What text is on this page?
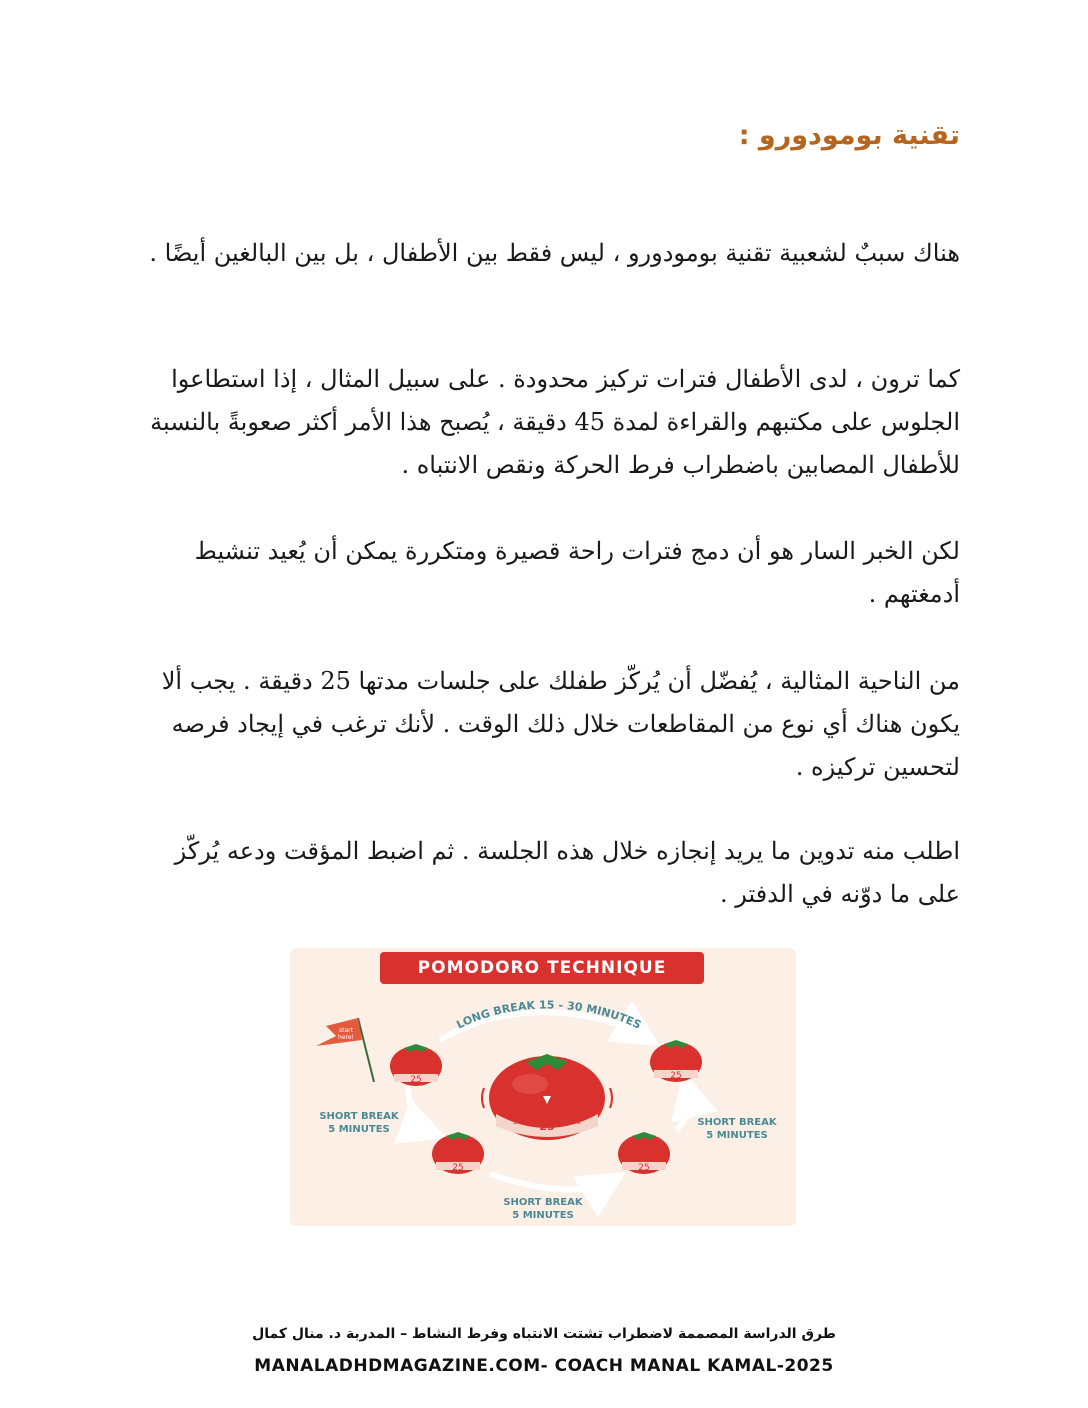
تقنية بومودورو :

هناك سببٌ لشعبية تقنية بومودورو ، ليس فقط بين الأطفال ، بل بين البالغين أيضًا .

كما ترون ، لدى الأطفال فترات تركيز محدودة . على سبيل المثال ، إذا استطاعوا الجلوس على مكتبهم والقراءة لمدة 45 دقيقة ، يُصبح هذا الأمر أكثر صعوبةً بالنسبة للأطفال المصابين باضطراب فرط الحركة ونقص الانتباه .

لكن الخبر السار هو أن دمج فترات راحة قصيرة ومتكررة يمكن أن يُعيد تنشيط أدمغتهم .

من الناحية المثالية ، يُفضّل أن يُركّز طفلك على جلسات مدتها 25 دقيقة . يجب ألا يكون هناك أي نوع من المقاطعات خلال ذلك الوقت . لأنك ترغب في إيجاد فرصه لتحسين تركيزه .

اطلب منه تدوين ما يريد إنجازه خلال هذه الجلسة . ثم اضبط المؤقت ودعه يُركّز على ما دوّنه في الدفتر .

start
here!
25	25
25	25
30 25 20
LONG BREAK 15 - 30 MINUTES
POMODORO TECHNIQUE
SHORT BREAK
5 MINUTES
SHORT BREAK
5 MINUTES
SHORT BREAK
5 MINUTES
طرق الدراسة المصممة لاضطراب تشتت الانتباه وفرط النشاط – المدربة د. منال كمال
MANALADHDMAGAZINE.COM- COACH MANAL KAMAL-2025
